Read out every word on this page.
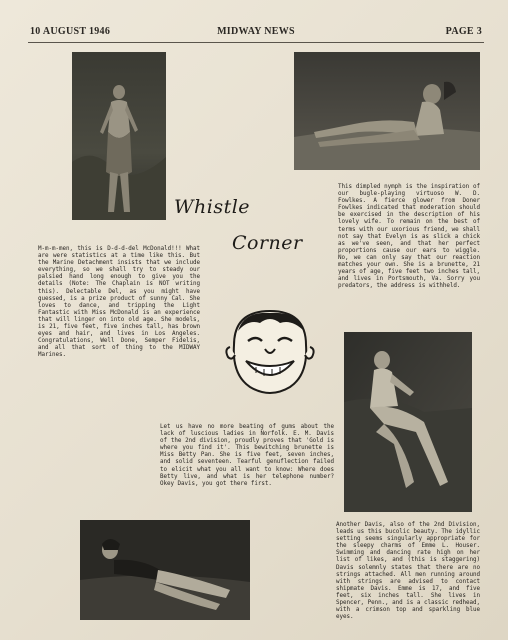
10 AUGUST 1946	MIDWAY NEWS	PAGE 3
Whistle
Corner
M-m-m-men, this is D-d-d-del McDonald!!! What are were statistics at a time like this. But the Marine Detachment insists that we include everything, so we shall try to steady our palsied hand long enough to give you the details (Note: The Chaplain is NOT writing this). Delectable Del, as you might have guessed, is a prize product of sunny Cal. She loves to dance, and tripping the Light Fantastic with Miss McDonald is an experience that will linger on into old age. She models, is 21, five feet, five inches tall, has brown eyes and hair, and lives in Los Angeles. Congratulations, Well Done, Semper Fidelis, and all that sort of thing to the MIDWAY Marines.
This dimpled nymph is the inspiration of our bugle-playing virtuoso W. D. Fowlkes. A fierce glower from Doner Fowlkes indicated that moderation should be exercised in the description of his lovely wife. To remain on the best of terms with our uxorious friend, we shall not say that Evelyn is as slick a chick as we've seen, and that her perfect proportions cause our ears to wiggle. No, we can only say that our reaction matches your own. She is a brunette, 21 years of age, five feet two inches tall, and lives in Portsmouth, Va. Sorry you predators, the address is withheld.
Let us have no more beating of gums about the lack of luscious ladies in Norfolk. E. M. Davis of the 2nd division, proudly proves that 'Gold is where you find it'. This bewitching brunette is Miss Betty Pan. She is five feet, seven inches, and solid seventeen. Tearful genuflection failed to elicit what you all want to know: Where does Betty live, and what is her telephone number? Okey Davis, you got there first.
Another Davis, also of the 2nd Division, leads us this bucolic beauty. The idyllic setting seems singularly appropriate for the sleepy charms of Emme L. Houser. Swimming and dancing rate high on her list of likes, and (this is staggering) Davis solemnly states that there are no strings attached. All men running around with strings are advised to contact shipmate Davis. Emme is 17, and five feet, six inches tall. She lives in Spencer, Penn., and is a classic redhead, with a crimson top and sparkling blue eyes.
